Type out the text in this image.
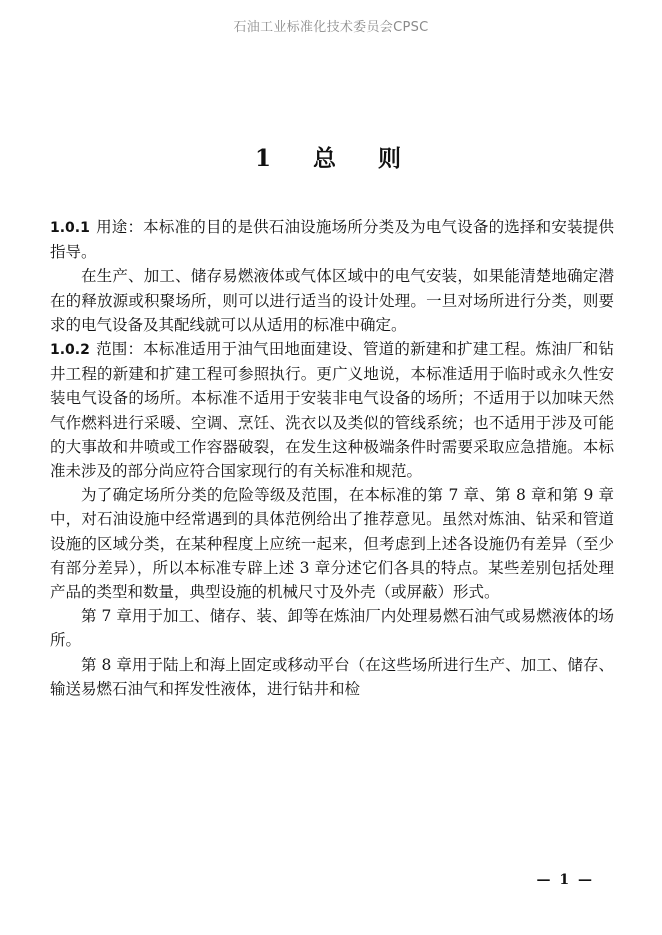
石油工业标准化技术委员会CPSC
1 总 则

1.0.1 用途：本标准的目的是供石油设施场所分类及为电气设备的选择和安装提供指导。

在生产、加工、储存易燃液体或气体区域中的电气安装，如果能清楚地确定潜在的释放源或积聚场所，则可以进行适当的设计处理。一旦对场所进行分类，则要求的电气设备及其配线就可以从适用的标准中确定。

1.0.2 范围：本标准适用于油气田地面建设、管道的新建和扩建工程。炼油厂和钻井工程的新建和扩建工程可参照执行。更广义地说，本标准适用于临时或永久性安装电气设备的场所。本标准不适用于安装非电气设备的场所；不适用于以加味天然气作燃料进行采暖、空调、烹饪、洗衣以及类似的管线系统；也不适用于涉及可能的大事故和井喷或工作容器破裂，在发生这种极端条件时需要采取应急措施。本标准未涉及的部分尚应符合国家现行的有关标准和规范。

为了确定场所分类的危险等级及范围，在本标准的第 7 章、第 8 章和第 9 章中，对石油设施中经常遇到的具体范例给出了推荐意见。虽然对炼油、钻采和管道设施的区域分类，在某种程度上应统一起来，但考虑到上述各设施仍有差异（至少有部分差异），所以本标准专辟上述 3 章分述它们各具的特点。某些差别包括处理产品的类型和数量，典型设施的机械尺寸及外壳（或屏蔽）形式。

第 7 章用于加工、储存、装、卸等在炼油厂内处理易燃石油气或易燃液体的场所。

第 8 章用于陆上和海上固定或移动平台（在这些场所进行生产、加工、储存、输送易燃石油气和挥发性液体，进行钻井和检

— 1 —
